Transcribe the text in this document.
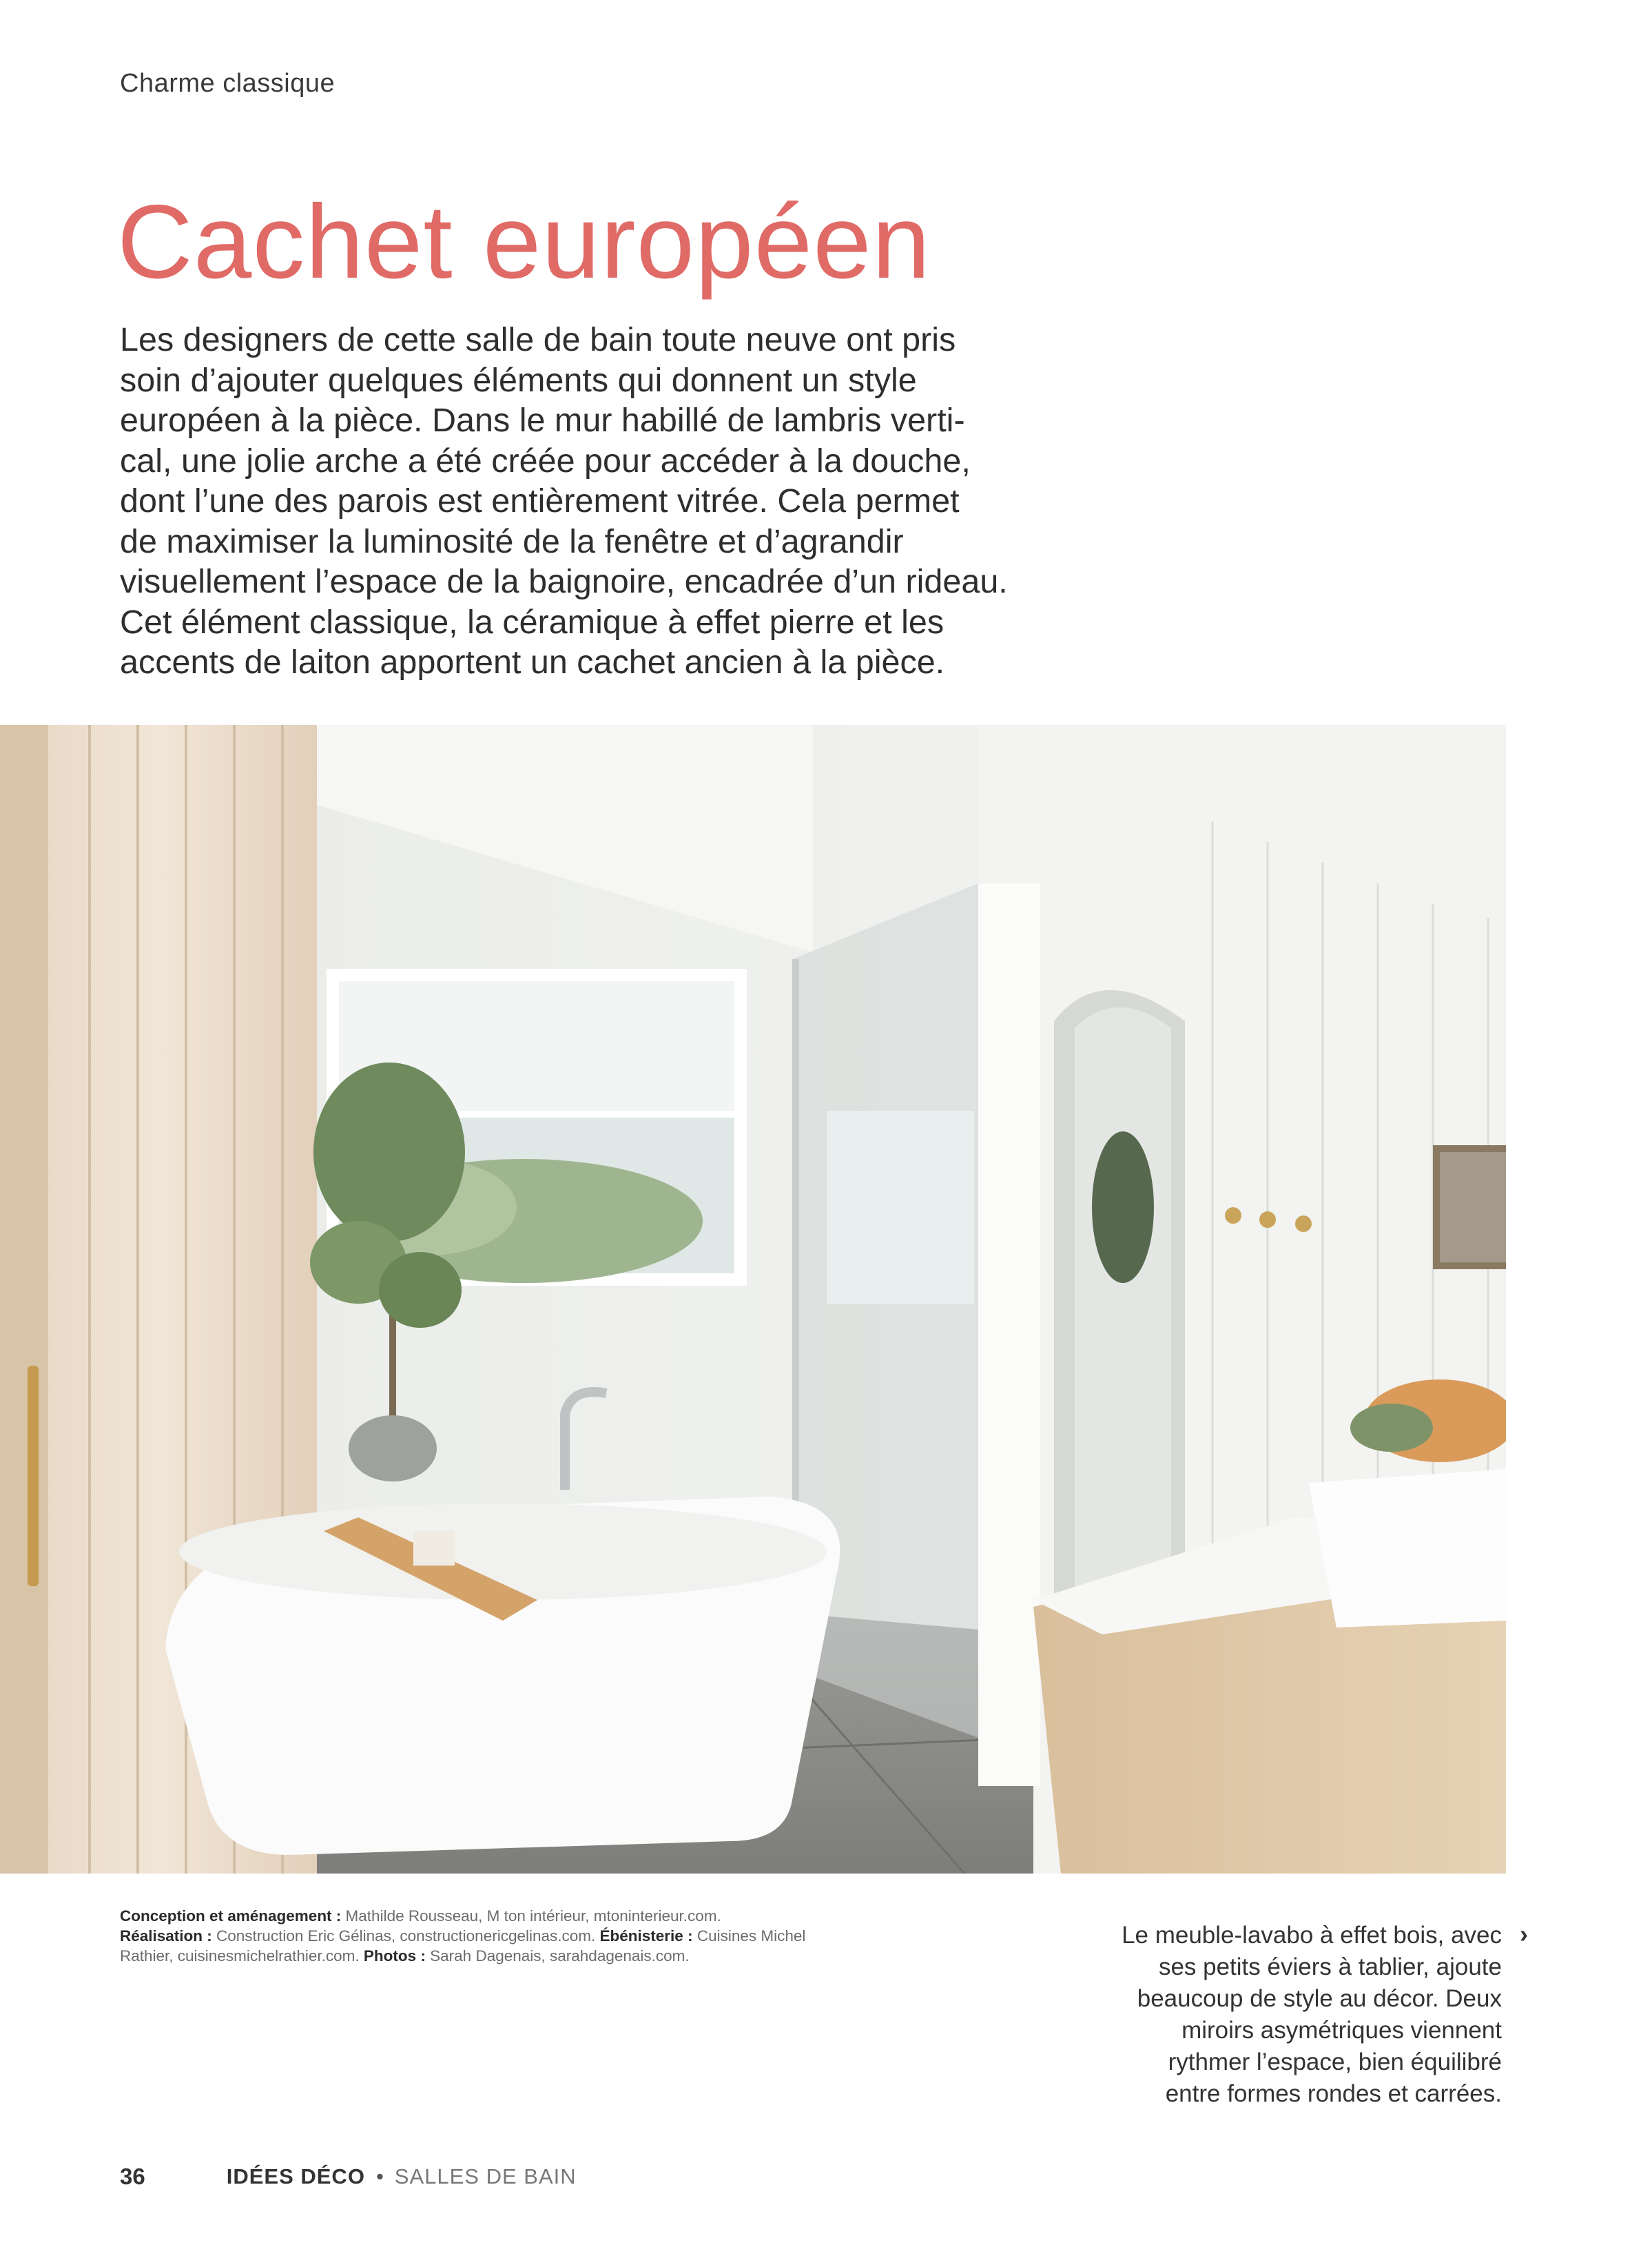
Charme classique
Cachet européen
Les designers de cette salle de bain toute neuve ont pris
soin d’ajouter quelques éléments qui donnent un style
européen à la pièce. Dans le mur habillé de lambris verti-
cal, une jolie arche a été créée pour accéder à la douche,
dont l’une des parois est entièrement vitrée. Cela permet
de maximiser la luminosité de la fenêtre et d’agrandir
visuellement l’espace de la baignoire, encadrée d’un rideau.
Cet élément classique, la céramique à effet pierre et les
accents de laiton apportent un cachet ancien à la pièce.
Conception et aménagement : Mathilde Rousseau, M ton intérieur, mtoninterieur.com.
Réalisation : Construction Eric Gélinas, constructionericgelinas.com. Ébénisterie : Cuisines Michel Rathier, cuisinesmichelrathier.com. Photos : Sarah Dagenais, sarahdagenais.com.
Le meuble-lavabo à effet bois, avec
ses petits éviers à tablier, ajoute
beaucoup de style au décor. Deux
miroirs asymétriques viennent
rythmer l’espace, bien équilibré
entre formes rondes et carrées.
›
36	IDÉES DÉCO • SALLES DE BAIN
